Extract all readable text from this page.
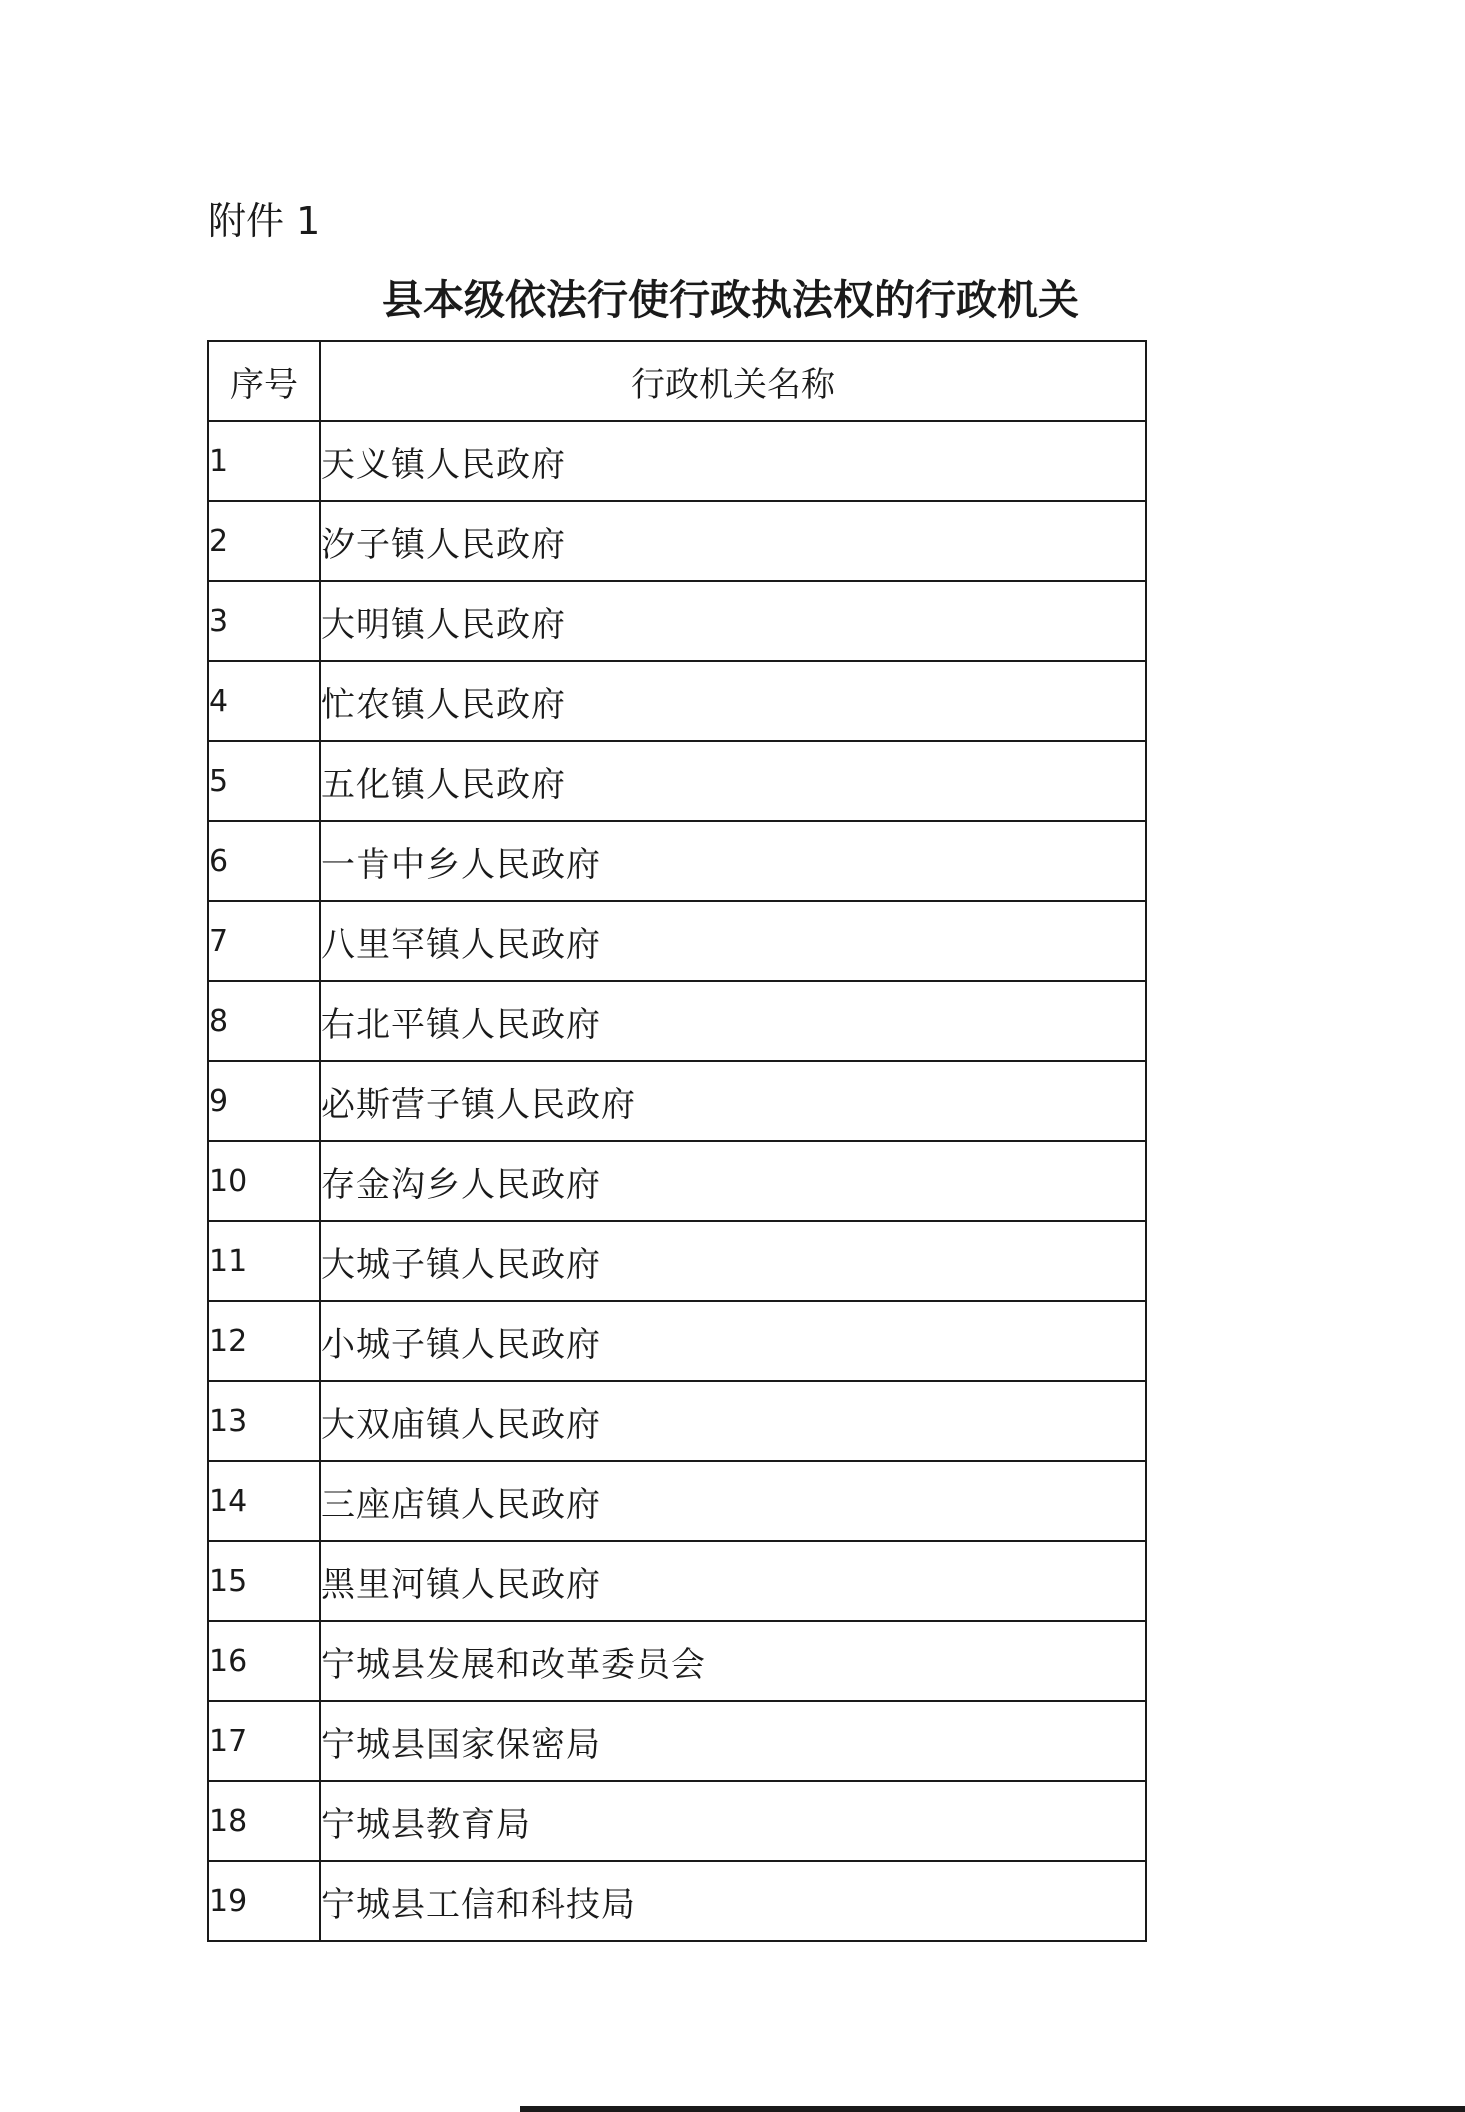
附件 1
县本级依法行使行政执法权的行政机关
序号	行政机关名称
1	天义镇人民政府
2	汐子镇人民政府
3	大明镇人民政府
4	忙农镇人民政府
5	五化镇人民政府
6	一肯中乡人民政府
7	八里罕镇人民政府
8	右北平镇人民政府
9	必斯营子镇人民政府
10	存金沟乡人民政府
11	大城子镇人民政府
12	小城子镇人民政府
13	大双庙镇人民政府
14	三座店镇人民政府
15	黑里河镇人民政府
16	宁城县发展和改革委员会
17	宁城县国家保密局
18	宁城县教育局
19	宁城县工信和科技局
